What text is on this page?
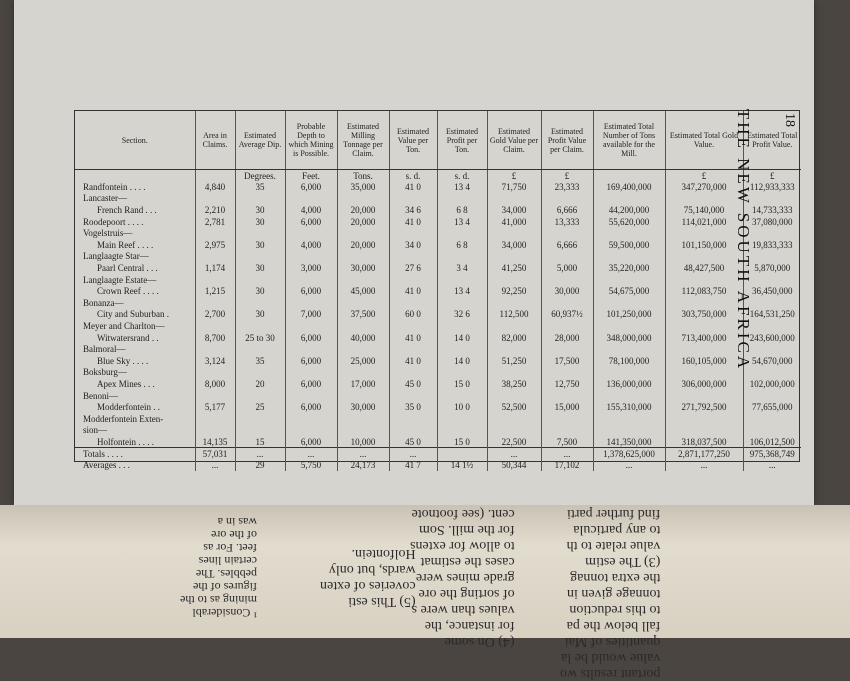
Section.	Area in Claims.	Estimated Average Dip.	Probable Depth to which Mining is Possible.	Estimated Milling Tonnage per Claim.	Estimated Value per Ton.	Estimated Profit per Ton.	Estimated Gold Value per Claim.	Estimated Profit Value per Claim.	Estimated Total Number of Tons available for the Mill.	Estimated Total Gold Value.	Estimated Total Profit Value.
		Degrees.	Feet.	Tons.	s. d.	s. d.	£	£		£	£
Randfontein . . . .	4,840	35	6,000	35,000	41 0	13 4	71,750	23,333	169,400,000	347,270,000	112,933,333
Lancaster—											
French Rand . . .	2,210	30	4,000	20,000	34 6	6 8	34,000	6,666	44,200,000	75,140,000	14,733,333
Roodepoort . . . .	2,781	30	6,000	20,000	41 0	13 4	41,000	13,333	55,620,000	114,021,000	37,080,000
Vogelstruis—											
Main Reef . . . .	2,975	30	4,000	20,000	34 0	6 8	34,000	6,666	59,500,000	101,150,000	19,833,333
Langlaagte Star—											
Paarl Central . . .	1,174	30	3,000	30,000	27 6	3 4	41,250	5,000	35,220,000	48,427,500	5,870,000
Langlaagte Estate—											
Crown Reef . . . .	1,215	30	6,000	45,000	41 0	13 4	92,250	30,000	54,675,000	112,083,750	36,450,000
Bonanza—											
City and Suburban .	2,700	30	7,000	37,500	60 0	32 6	112,500	60,937½	101,250,000	303,750,000	164,531,250
Meyer and Charlton—											
Witwatersrand . .	8,700	25 to 30	6,000	40,000	41 0	14 0	82,000	28,000	348,000,000	713,400,000	243,600,000
Balmoral—											
Blue Sky . . . .	3,124	35	6,000	25,000	41 0	14 0	51,250	17,500	78,100,000	160,105,000	54,670,000
Boksburg—											
Apex Mines . . .	8,000	20	6,000	17,000	45 0	15 0	38,250	12,750	136,000,000	306,000,000	102,000,000
Benoni—											
Modderfontein . .	5,177	25	6,000	30,000	35 0	10 0	52,500	15,000	155,310,000	271,792,500	77,655,000
Modderfontein Exten-											
sion—											
Holfontein . . . .	14,135	15	6,000	10,000	45 0	15 0	22,500	7,500	141,350,000	318,037,500	106,012,500
Totals . . . .	57,031	...	...	...	...		...	...	1,378,625,000	2,871,177,250	975,368,749
Averages . . .	...	29	5,750	24,173	41 7	14 1½	50,344	17,102	...	...	...
18
THE NEW SOUTH AFRICA
portant results wo
value would be la
quantities of Mai
fall below the pa
to this reduction
tonnage given in
the extra tonnag
(3) The estim
value relate to th
to any particula
find further parti
(4) On some
for instance, the
values than were s
of sorting the ore
grade mines were
cases the estimat
to allow for extens
for the mill. Som
cent. (see footnote
(5) This esti
coveries of exten
wards, but only
Holfontein.
¹ Considerabl
mining as to the
figures of the
pebbles. The
certain lines
feet. For as
of the ore
was in a
